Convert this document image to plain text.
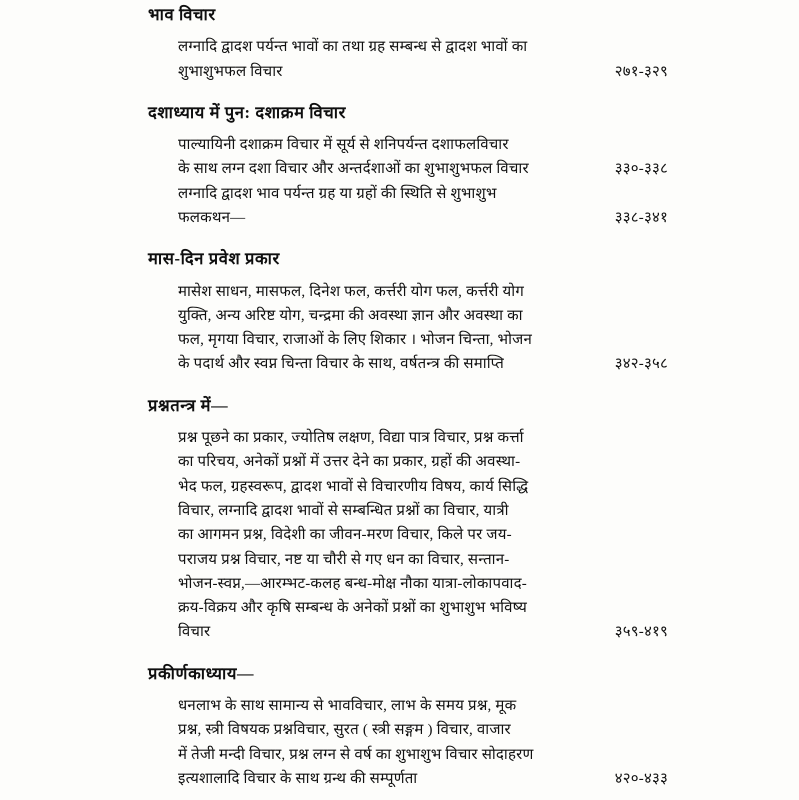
भाव विचार
लग्नादि द्वादश पर्यन्त भावों का तथा ग्रह सम्बन्ध से द्वादश भावों का
शुभाशुभफल विचार	२७१-३२९
दशाध्याय में पुन: दशाक्रम विचार
पाल्यायिनी दशाक्रम विचार में सूर्य से शनिपर्यन्त दशाफलविचार
के साथ लग्न दशा विचार और अन्तर्दशाओं का शुभाशुभफल विचार	३३०-३३८
लग्नादि द्वादश भाव पर्यन्त ग्रह या ग्रहों की स्थिति से शुभाशुभ
फलकथन—	३३८-३४१
मास-दिन प्रवेश प्रकार
मासेश साधन, मासफल, दिनेश फल, कर्त्तरी योग फल, कर्त्तरी योग
युक्ति, अन्य अरिष्ट योग, चन्द्रमा की अवस्था ज्ञान और अवस्था का
फल, मृगया विचार, राजाओं के लिए शिकार । भोजन चिन्ता, भोजन
के पदार्थ और स्वप्न चिन्ता विचार के साथ, वर्षतन्त्र की समाप्ति	३४२-३५८
प्रश्नतन्त्र में—
प्रश्न पूछने का प्रकार, ज्योतिष लक्षण, विद्या पात्र विचार, प्रश्न कर्त्ता
का परिचय, अनेकों प्रश्नों में उत्तर देने का प्रकार, ग्रहों की अवस्था-
भेद फल, ग्रहस्वरूप, द्वादश भावों से विचारणीय विषय, कार्य सिद्धि
विचार, लग्नादि द्वादश भावों से सम्बन्धित प्रश्नों का विचार, यात्री
का आगमन प्रश्न, विदेशी का जीवन-मरण विचार, किले पर जय-
पराजय प्रश्न विचार, नष्ट या चौरी से गए धन का विचार, सन्तान-
भोजन-स्वप्न,—आरम्भट-कलह बन्ध-मोक्ष नौका यात्रा-लोकापवाद-
क्रय-विक्रय और कृषि सम्बन्ध के अनेकों प्रश्नों का शुभाशुभ भविष्य
विचार	३५९-४१९
प्रकीर्णकाध्याय—
धनलाभ के साथ सामान्य से भावविचार, लाभ के समय प्रश्न, मूक
प्रश्न, स्त्री विषयक प्रश्नविचार, सुरत ( स्त्री सङ्गम ) विचार, वाजार
में तेजी मन्दी विचार, प्रश्न लग्न से वर्ष का शुभाशुभ विचार सोदाहरण
इत्यशालादि विचार के साथ ग्रन्थ की सम्पूर्णता	४२०-४३३
